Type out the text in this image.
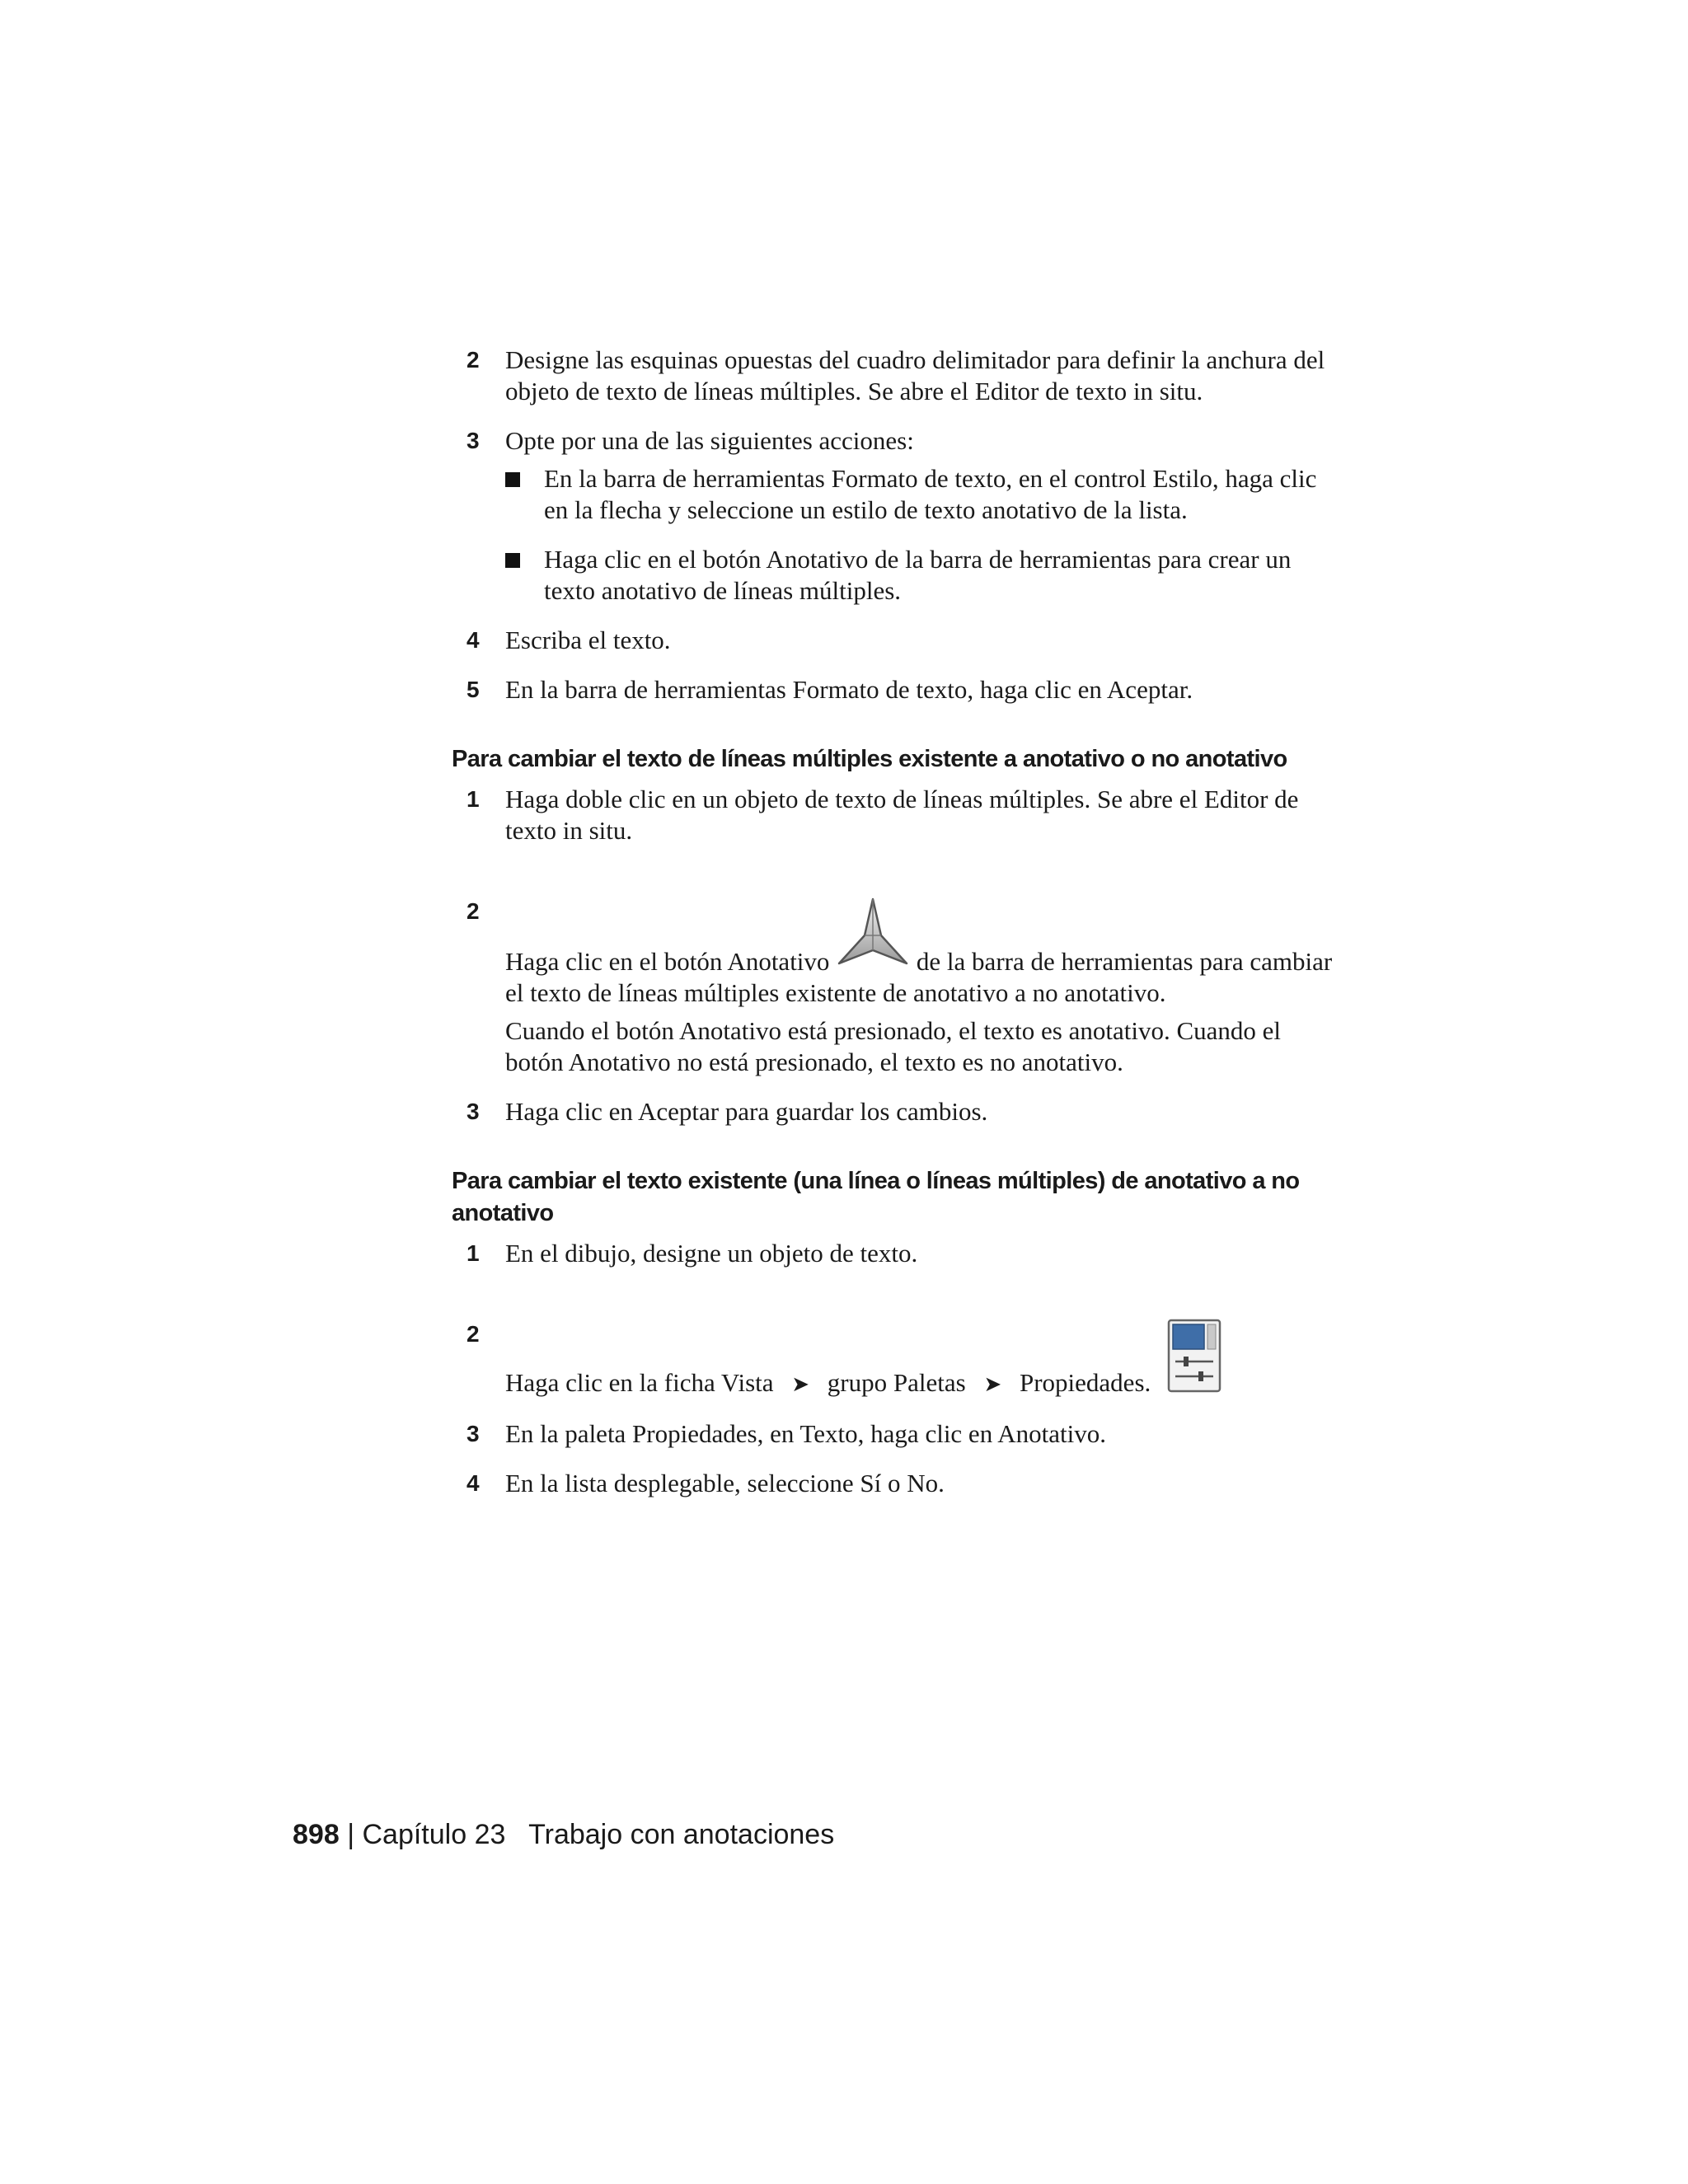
2 Designe las esquinas opuestas del cuadro delimitador para definir la anchura del objeto de texto de líneas múltiples. Se abre el Editor de texto in situ.
3 Opte por una de las siguientes acciones:
En la barra de herramientas Formato de texto, en el control Estilo, haga clic en la flecha y seleccione un estilo de texto anotativo de la lista.
Haga clic en el botón Anotativo de la barra de herramientas para crear un texto anotativo de líneas múltiples.
4 Escriba el texto.
5 En la barra de herramientas Formato de texto, haga clic en Aceptar.
Para cambiar el texto de líneas múltiples existente a anotativo o no anotativo
1 Haga doble clic en un objeto de texto de líneas múltiples. Se abre el Editor de texto in situ.
2
Haga clic en el botón Anotativo	de la barra de herramientas para cambiar el texto de líneas múltiples existente de anotativo a no anotativo.
Cuando el botón Anotativo está presionado, el texto es anotativo. Cuando el botón Anotativo no está presionado, el texto es no anotativo.
3 Haga clic en Aceptar para guardar los cambios.
Para cambiar el texto existente (una línea o líneas múltiples) de anotativo a no anotativo
1 En el dibujo, designe un objeto de texto.
2
Haga clic en la ficha Vista ➤ grupo Paletas ➤ Propiedades.
3 En la paleta Propiedades, en Texto, haga clic en Anotativo.
4 En la lista desplegable, seleccione Sí o No.
898 | Capítulo 23 Trabajo con anotaciones
